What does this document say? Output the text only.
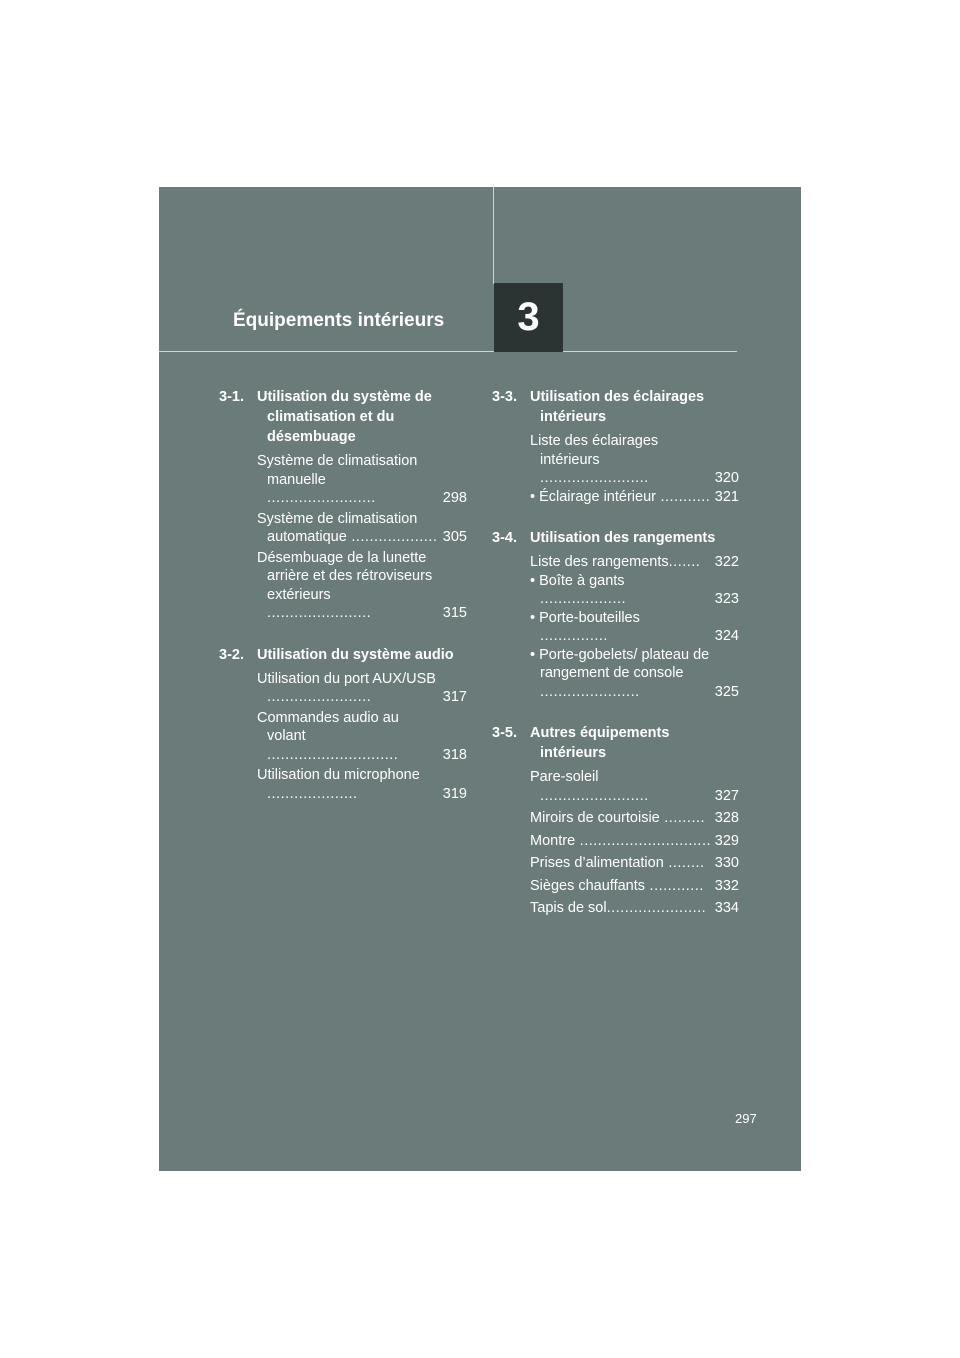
Équipements intérieurs 3
3-1. Utilisation du système de climatisation et du désembuage
Système de climatisation manuelle ........................	298
Système de climatisation automatique ................... 305
Désembuage de la lunette arrière et des rétroviseurs extérieurs .......................	315
3-2. Utilisation du système audio
Utilisation du port AUX/USB .......................	317
Commandes audio au volant .............................	318
Utilisation du microphone ....................	319
3-3. Utilisation des éclairages intérieurs
Liste des éclairages intérieurs ........................	320
• Éclairage intérieur ........... 321
3-4. Utilisation des rangements
Liste des rangements....... 322
• Boîte à gants ...................	323
• Porte-bouteilles ...............	324
• Porte-gobelets/ plateau de rangement de console ......................	325
3-5. Autres équipements intérieurs
Pare-soleil ........................	327
Miroirs de courtoisie ......... 328
Montre ............................. 329
Prises d’alimentation ........ 330
Sièges chauffants ............ 332
Tapis de sol...................... 334
297
